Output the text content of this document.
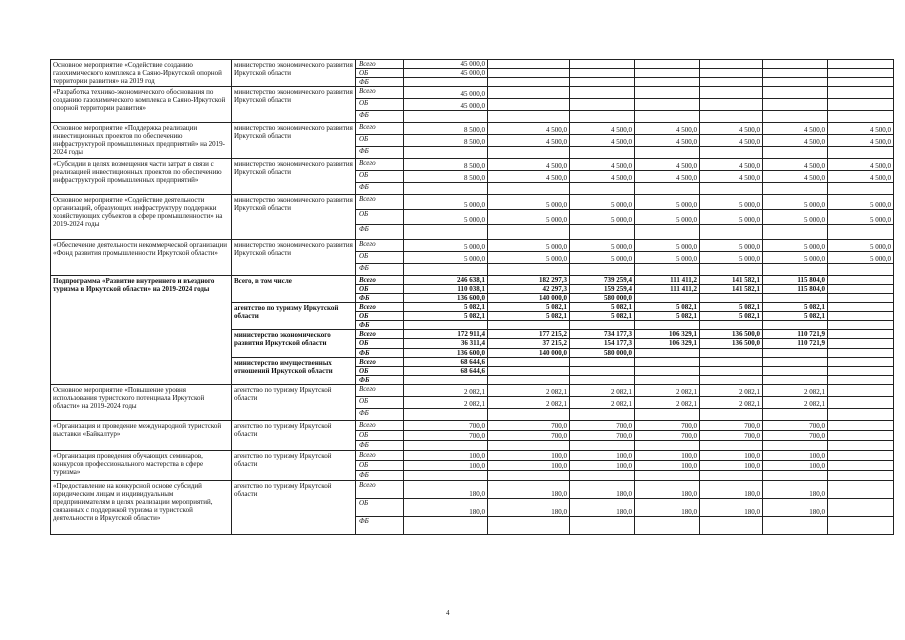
Основное мероприятие «Содействие созданию газохимического комплекса в Саяно-Иркутской опорной территории развития» на 2019 год	министерство экономического развития Иркутской области	Всего	45 000,0						
		ОБ	45 000,0						
		ФБ							
«Разработка технико-экономического обоснования по созданию газохимического комплекса в Саяно-Иркутской опорной территории развития»	министерство экономического развития Иркутской области	Всего	45 000,0						
		ОБ	45 000,0						
		ФБ							
Основное мероприятие «Поддержка реализации инвестиционных проектов по обеспечению инфраструктурой промышленных предприятий» на 2019-2024 годы	министерство экономического развития Иркутской области	Всего	8 500,0	4 500,0	4 500,0	4 500,0	4 500,0	4 500,0	4 500,0
		ОБ	8 500,0	4 500,0	4 500,0	4 500,0	4 500,0	4 500,0	4 500,0
		ФБ							
«Субсидии в целях возмещения части затрат в связи с реализацией инвестиционных проектов по обеспечению инфраструктурой промышленных предприятий»	министерство экономического развития Иркутской области	Всего	8 500,0	4 500,0	4 500,0	4 500,0	4 500,0	4 500,0	4 500,0
		ОБ	8 500,0	4 500,0	4 500,0	4 500,0	4 500,0	4 500,0	4 500,0
		ФБ							
Основное мероприятие «Содействие деятельности организаций, образующих инфраструктуру поддержки хозяйствующих субъектов в сфере промышленности» на 2019-2024 годы	министерство экономического развития Иркутской области	Всего	5 000,0	5 000,0	5 000,0	5 000,0	5 000,0	5 000,0	5 000,0
		ОБ	5 000,0	5 000,0	5 000,0	5 000,0	5 000,0	5 000,0	5 000,0
		ФБ							
«Обеспечение деятельности некоммерческой организации «Фонд развития промышленности Иркутской области»	министерство экономического развития Иркутской области	Всего	5 000,0	5 000,0	5 000,0	5 000,0	5 000,0	5 000,0	5 000,0
		ОБ	5 000,0	5 000,0	5 000,0	5 000,0	5 000,0	5 000,0	5 000,0
		ФБ							
Подпрограмма «Развитие внутреннего и въездного туризма в Иркутской области» на 2019-2024 годы	Всего, в том числе	Всего	246 638,1	182 297,3	739 259,4	111 411,2	141 582,1	115 804,0	
		ОБ	110 038,1	42 297,3	159 259,4	111 411,2	141 582,1	115 804,0	
		ФБ	136 600,0	140 000,0	580 000,0				
	агентство по туризму Иркутской области	Всего	5 082,1	5 082,1	5 082,1	5 082,1	5 082,1	5 082,1	
		ОБ	5 082,1	5 082,1	5 082,1	5 082,1	5 082,1	5 082,1	
		ФБ							
	министерство экономического развития Иркутской области	Всего	172 911,4	177 215,2	734 177,3	106 329,1	136 500,0	110 721,9	
		ОБ	36 311,4	37 215,2	154 177,3	106 329,1	136 500,0	110 721,9	
		ФБ	136 600,0	140 000,0	580 000,0				
	министерство имущественных отношений Иркутской области	Всего	68 644,6						
		ОБ	68 644,6						
		ФБ							
Основное мероприятие «Повышение уровня использования туристского потенциала Иркутской области» на 2019-2024 годы	агентство по туризму Иркутской области	Всего	2 082,1	2 082,1	2 082,1	2 082,1	2 082,1	2 082,1	
		ОБ	2 082,1	2 082,1	2 082,1	2 082,1	2 082,1	2 082,1	
		ФБ							
«Организация и проведение международной туристской выставки «Байкалтур»	агентство по туризму Иркутской области	Всего	700,0	700,0	700,0	700,0	700,0	700,0	
		ОБ	700,0	700,0	700,0	700,0	700,0	700,0	
		ФБ							
«Организация проведения обучающих семинаров, конкурсов профессионального мастерства в сфере туризма»	агентство по туризму Иркутской области	Всего	100,0	100,0	100,0	100,0	100,0	100,0	
		ОБ	100,0	100,0	100,0	100,0	100,0	100,0	
		ФБ							
«Предоставление на конкурсной основе субсидий юридическим лицам и индивидуальным предпринимателям в целях реализации мероприятий, связанных с поддержкой туризма и туристской деятельности в Иркутской области»	агентство по туризму Иркутской области	Всего	180,0	180,0	180,0	180,0	180,0	180,0	
		ОБ	180,0	180,0	180,0	180,0	180,0	180,0	
		ФБ							
4
